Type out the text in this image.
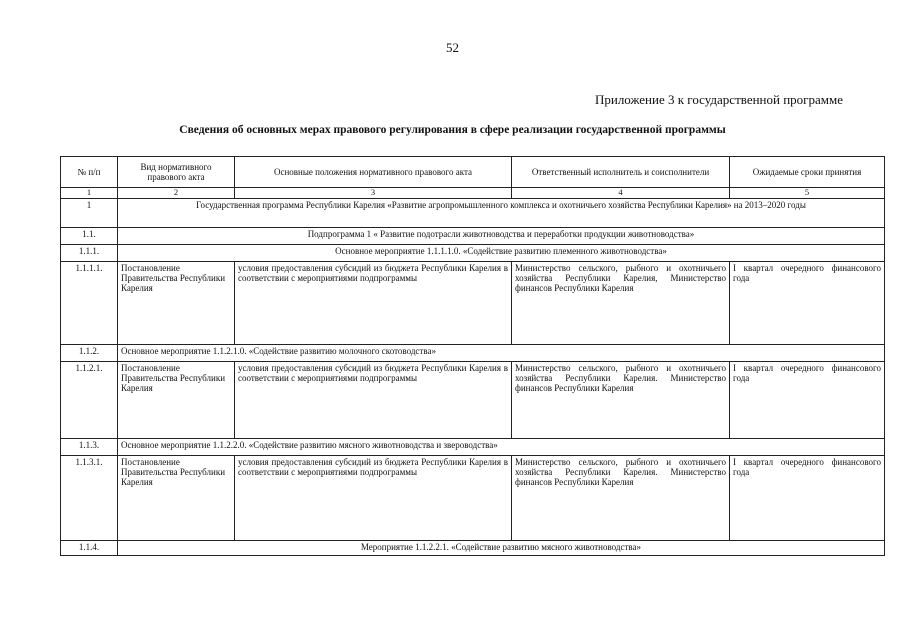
52
Приложение 3 к государственной программе
Сведения об основных мерах правового регулирования в сфере реализации государственной программы
№ п/п	Вид нормативного правового акта	Основные положения нормативного правового акта	Ответственный исполнитель и соисполнители	Ожидаемые сроки принятия
1	2	3	4	5
1	Государственная программа Республики Карелия «Развитие агропромышленного комплекса и охотничьего хозяйства Республики Карелия» на 2013–2020 годы			
1.1.	Подпрограмма 1 « Развитие подотрасли животноводства и переработки продукции животноводства»			
1.1.1.	Основное мероприятие 1.1.1.1.0. «Содействие развитию племенного животноводства»			
1.1.1.1.	Постановление Правительства Республики Карелия	условия предоставления субсидий из бюджета Республики Карелия в соответствии с мероприятиями подпрограммы	Министерство сельского, рыбного и охотничьего хозяйства Республики Карелия, Министерство финансов Республики Карелия	I квартал очередного финансового года
1.1.2.	Основное мероприятие 1.1.2.1.0. «Содействие развитию молочного скотоводства»			
1.1.2.1.	Постановление Правительства Республики Карелия	условия предоставления субсидий из бюджета Республики Карелия в соответствии с мероприятиями подпрограммы	Министерство сельского, рыбного и охотничьего хозяйства Республики Карелия. Министерство финансов Республики Карелия	I квартал очередного финансового года
1.1.3.	Основное мероприятие 1.1.2.2.0. «Содействие развитию мясного животноводства и звероводства»			
1.1.3.1.	Постановление Правительства Республики Карелия	условия предоставления субсидий из бюджета Республики Карелия в соответствии с мероприятиями подпрограммы	Министерство сельского, рыбного и охотничьего хозяйства Республики Карелия. Министерство финансов Республики Карелия	I квартал очередного финансового года
1.1.4.	Мероприятие 1.1.2.2.1. «Содействие развитию мясного животноводства»			
